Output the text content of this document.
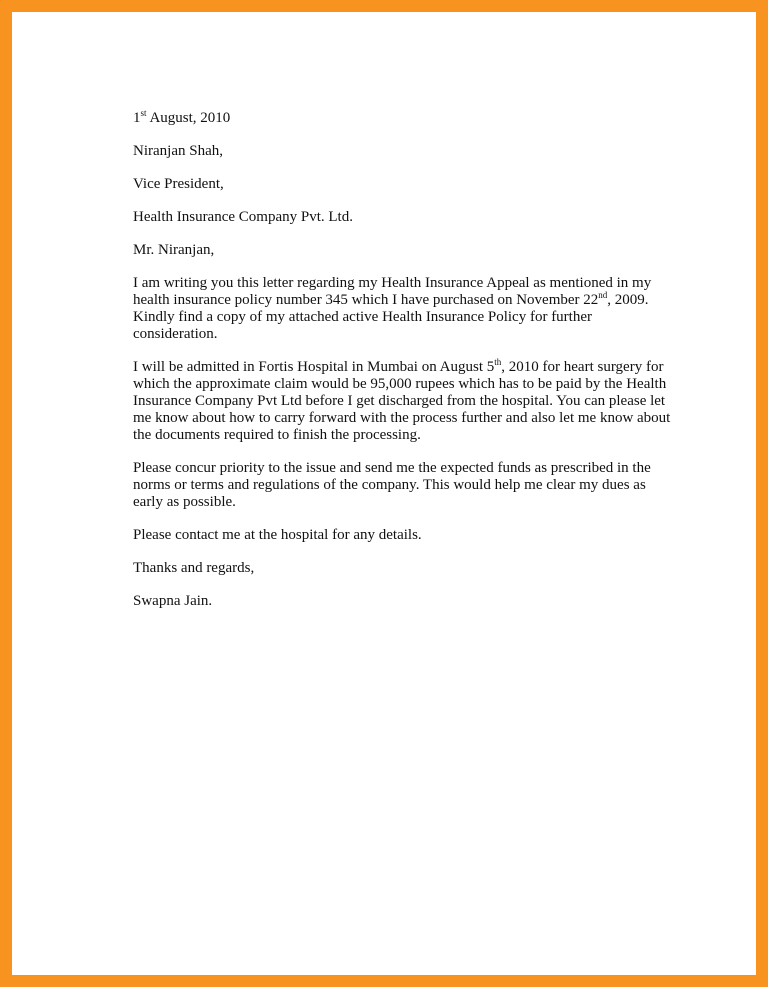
1st August, 2010
Niranjan Shah,
Vice President,
Health Insurance Company Pvt. Ltd.
Mr. Niranjan,
I am writing you this letter regarding my Health Insurance Appeal as mentioned in my
health insurance policy number 345 which I have purchased on November 22nd, 2009.
Kindly find a copy of my attached active Health Insurance Policy for further
consideration.
I will be admitted in Fortis Hospital in Mumbai on August 5th, 2010 for heart surgery for
which the approximate claim would be 95,000 rupees which has to be paid by the Health
Insurance Company Pvt Ltd before I get discharged from the hospital. You can please let
me know about how to carry forward with the process further and also let me know about
the documents required to finish the processing.
Please concur priority to the issue and send me the expected funds as prescribed in the
norms or terms and regulations of the company. This would help me clear my dues as
early as possible.
Please contact me at the hospital for any details.
Thanks and regards,
Swapna Jain.
